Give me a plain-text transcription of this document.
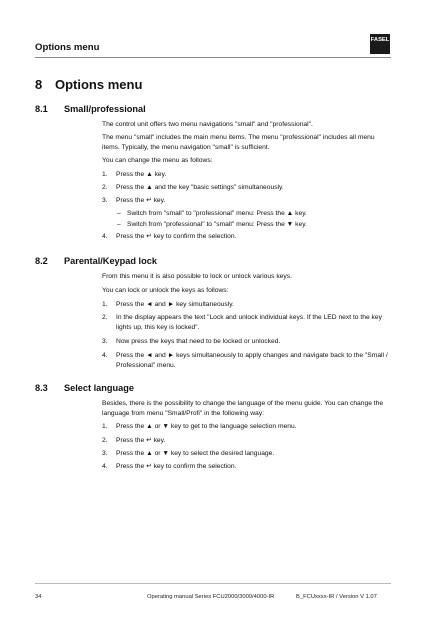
Options menu
FASEL
8 Options menu
8.1 Small/professional
The control unit offers two menu navigations "small" and "professional".
The menu "small" includes the main menu items. The menu "professional" includes all menu items. Typically, the menu navigation "small" is sufficient.
You can change the menu as follows:
1. Press the ▲ key.
2. Press the ▲ and the key "basic settings" simultaneously.
3. Press the ↵ key.
– Switch from "small" to "professional" menu: Press the ▲ key.
– Switch from "professional" to "small" menu: Press the ▼ key.
4. Press the ↵ key to confirm the selection.
8.2 Parental/Keypad lock
From this menu it is also possible to lock or unlock various keys.
You can lock or unlock the keys as follows:
1. Press the ◄ and ► key simultaneously.
2. In the display appears the text "Lock and unlock individual keys. If the LED next to the key lights up, this key is locked".
3. Now press the keys that need to be locked or unlocked.
4. Press the ◄ and ► keys simultaneously to apply changes and navigate back to the "Small / Professional" menu.
8.3 Select language
Besides, there is the possibility to change the language of the menu guide. You can change the language from menu "Small/Profi" in the following way:
1. Press the ▲ or ▼ key to get to the language selection menu.
2. Press the ↵ key.
3. Press the ▲ or ▼ key to select the desired language.
4. Press the ↵ key to confirm the selection.
34	Operating manual Series FCU2000/3000/4000-IR	B_FCUxxxx-IR / Version V 1.07
